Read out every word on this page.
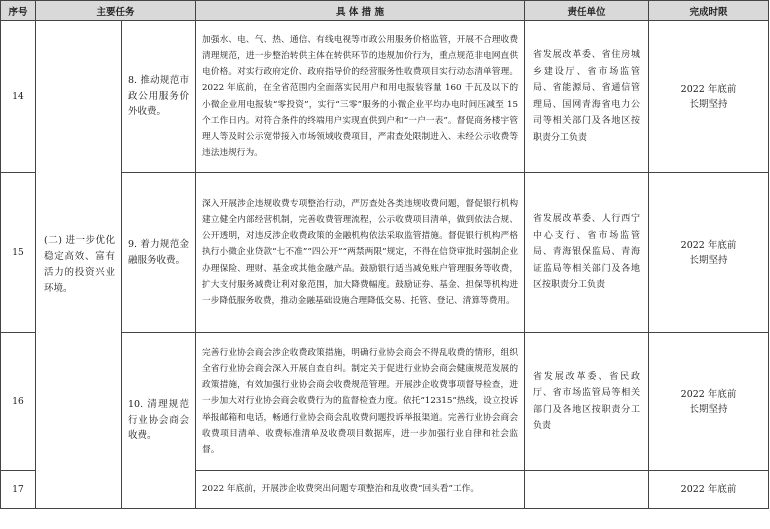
序号	主要任务		具 体 措 施	责任单位	完成时限
14	(二) 进一步优化稳定高效、富有活力的投资兴业环境。	8. 推动规范市政公用服务价外收费。	加强水、电、气、热、通信、有线电视等市政公用服务价格监管，开展不合理收费清理规范，进一步整治转供主体在转供环节的违规加价行为，重点规范非电网直供电价格。对实行政府定价、政府指导价的经营服务性收费项目实行动态清单管理。2022 年底前，在全省范围内全面落实民用户和用电报装容量 160 千瓦及以下的小微企业用电报装“零投资”，实行“三零”服务的小微企业平均办电时间压减至 15 个工作日内。对符合条件的终端用户实现直供到户和“一户一表”。督促商务楼宇管理人等及时公示宽带接入市场领域收费项目，严肃查处限制进入、未经公示收费等违法违规行为。	省发展改革委、省住房城乡建设厅、省市场监管局、省能源局、省通信管理局、国网青海省电力公司等相关部门及各地区按职责分工负责	2022 年底前
长期坚持
15		9. 着力规范金融服务收费。	深入开展涉企违规收费专项整治行动，严厉查处各类违规收费问题，督促银行机构建立健全内部经营机制，完善收费管理流程，公示收费项目清单，做到依法合规、公开透明，对违反涉企收费政策的金融机构依法采取监管措施。督促银行机构严格执行小微企业贷款“七不准”“四公开”“两禁两限”规定，不得在信贷审批时强制企业办理保险、理财、基金或其他金融产品。鼓励银行适当减免账户管理服务等收费，扩大支付服务减费让利对象范围，加大降费幅度。鼓励证券、基金、担保等机构进一步降低服务收费，推动金融基础设施合理降低交易、托管、登记、清算等费用。	省发展改革委、人行西宁中心支行、省市场监管局、青海银保监局、青海证监局等相关部门及各地区按职责分工负责	2022 年底前
长期坚持
16		10. 清理规范行业协会商会收费。	完善行业协会商会涉企收费政策措施，明确行业协会商会不得乱收费的情形，组织全省行业协会商会深入开展自查自纠。制定关于促进行业协会商会健康规范发展的政策措施，有效加强行业协会商会收费规范管理。开展涉企收费事项督导检查，进一步加大对行业协会商会收费行为的监督检查力度。依托“12315”热线，设立投诉举报邮箱和电话，畅通行业协会商会乱收费问题投诉举报渠道。完善行业协会商会收费项目清单、收费标准清单及收费项目数据库，进一步加强行业自律和社会监督。	省发展改革委、省民政厅、省市场监管局等相关部门及各地区按职责分工负责	2022 年底前
长期坚持
17			2022 年底前，开展涉企收费突出问题专项整治和乱收费“回头看”工作。		2022 年底前
